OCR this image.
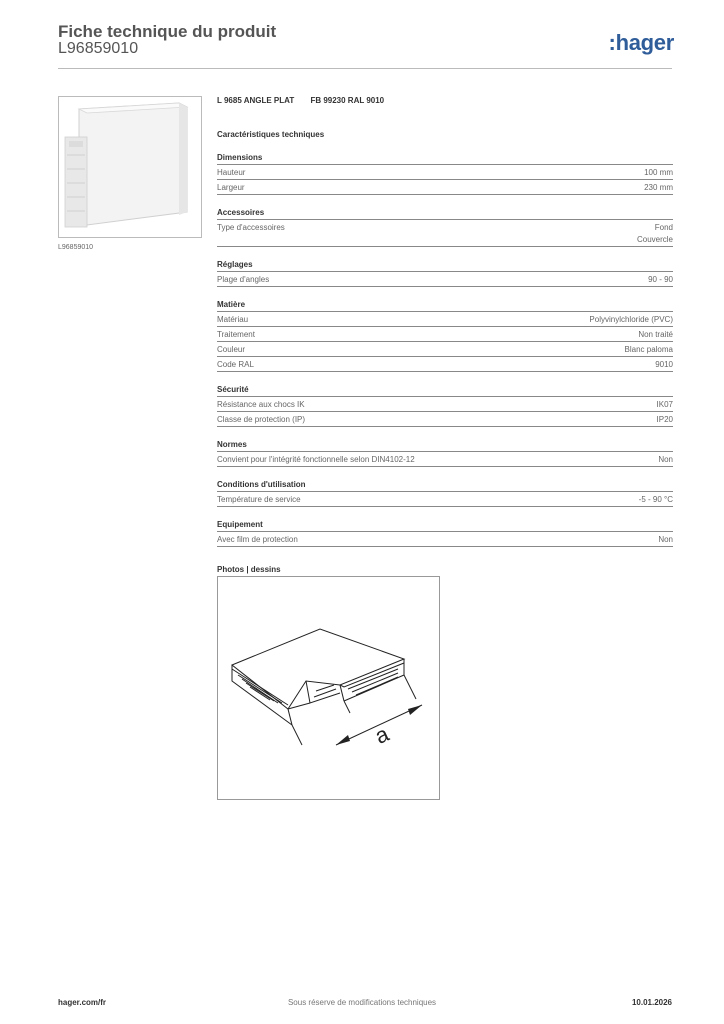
Fiche technique du produit
L96859010	:hager
L96859010
L 9685 ANGLE PLAT FB 99230 RAL 9010
Caractéristiques techniques
Dimensions
Hauteur	100 mm
Largeur	230 mm
Accessoires
Type d'accessoires	Fond
Couvercle
Réglages
Plage d'angles	90 - 90
Matière
Matériau	Polyvinylchloride (PVC)
Traitement	Non traité
Couleur	Blanc paloma
Code RAL	9010
Sécurité
Résistance aux chocs IK	IK07
Classe de protection (IP)	IP20
Normes
Convient pour l'intégrité fonctionnelle selon DIN4102-12	Non
Conditions d'utilisation
Température de service	-5 - 90 °C
Equipement
Avec film de protection	Non
Photos | dessins
a
Sous réserve de modifications techniques
hager.com/fr	10.01.2026
